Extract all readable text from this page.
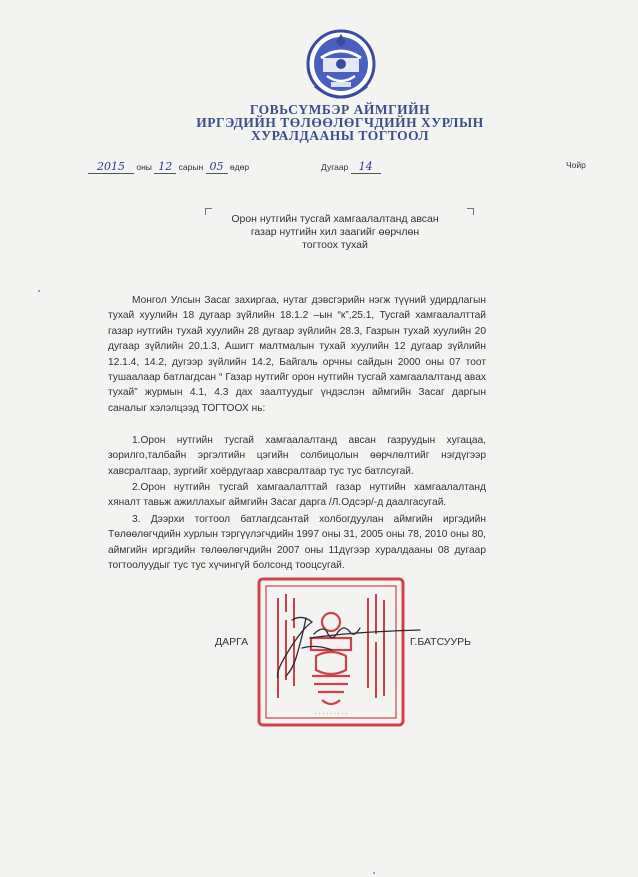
ГОВЬСҮМБЭР АЙМГИЙН
ИРГЭДИЙН ТӨЛӨӨЛӨГЧДИЙН ХУРЛЫН
ХУРАЛДААНЫ ТОГТООЛ
2015 оны 12 сарын 05 өдөр	Дугаар 14	Чойр
Орон нутгийн тусгай хамгаалалтанд авсан
газар нутгийн хил заагийг өөрчлөн
тогтоох тухай
Монгол Улсын Засаг захиргаа, нутаг дэвсгэрийн нэгж түүний удирдлагын тухай хуулийн 18 дугаар зүйлийн 18.1.2 –ын “к”,25.1, Тусгай хамгаалалттай газар нутгийн тухай хуулийн 28 дугаар зүйлийн 28.3, Газрын тухай хуулийн 20 дугаар зүйлийн 20.1.3, Ашигт малтмалын тухай хуулийн 12 дугаар зүйлийн 12.1.4, 14.2, дугээр зүйлийн 14.2, Байгаль орчны сайдын 2000 оны 07 тоот тушаалаар батлагдсан “ Газар нутгийг орон нутгийн тусгай хамгаалалтанд авах тухай” журмын 4.1, 4.3 дах заалтуудыг үндэслэн аймгийн Засаг даргын саналыг хэлэлцээд ТОГТООХ нь:
1.Орон нутгийн тусгай хамгаалалтанд авсан газруудын хугацаа, зорилго,талбайн эргэлтийн цэгийн солбицолын өөрчлөлтийг нэгдүгээр хавсралтаар, зургийг хоёрдугаар хавсралтаар тус тус батлсугай.
2.Орон нутгийн тусгай хамгаалалттай газар нутгийн хамгаалалтанд хяналт тавьж ажиллахыг аймгийн Засаг дарга /Л.Одсэр/-д даалгасугай.
3. Дээрхи тогтоол батлагдсантай холбогдуулан аймгийн иргэдийн Төлөөлөгчдийн хурлын тэргүүлэгчдийн 1997 оны 31, 2005 оны 78, 2010 оны 80, аймгийн иргэдийн төлөөлөгчдийн 2007 оны 11дүгээр хуралдааны 08 дугаар тогтоолуудыг тус тус хүчингүй болсонд тооцсугай.
· · · · · · · · ·
ДАРГА	Г.БАТСУУРЬ
